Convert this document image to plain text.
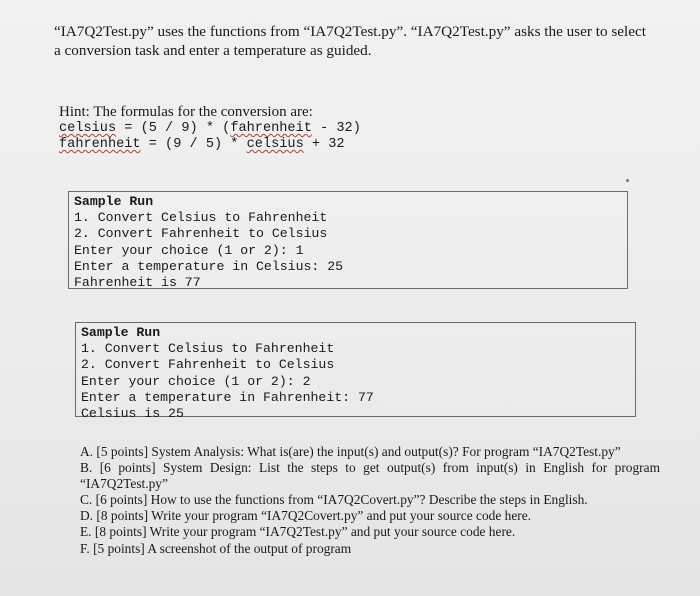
“IA7Q2Test.py” uses the functions from “IA7Q2Test.py”. “IA7Q2Test.py” asks the user to select
a conversion task and enter a temperature as guided.
Hint: The formulas for the conversion are:
celsius = (5 / 9) * (fahrenheit - 32)
fahrenheit = (9 / 5) * celsius + 32
Sample Run
1. Convert Celsius to Fahrenheit
2. Convert Fahrenheit to Celsius
Enter your choice (1 or 2): 1
Enter a temperature in Celsius: 25
Fahrenheit is 77
Sample Run
1. Convert Celsius to Fahrenheit
2. Convert Fahrenheit to Celsius
Enter your choice (1 or 2): 2
Enter a temperature in Fahrenheit: 77
Celsius is 25
A. [5 points] System Analysis: What is(are) the input(s) and output(s)? For program “IA7Q2Test.py”
B. [6 points] System Design: List the steps to get output(s) from input(s) in English for program “IA7Q2Test.py”
C. [6 points] How to use the functions from “IA7Q2Covert.py”? Describe the steps in English.
D. [8 points] Write your program “IA7Q2Covert.py” and put your source code here.
E. [8 points] Write your program “IA7Q2Test.py” and put your source code here.
F. [5 points] A screenshot of the output of program
